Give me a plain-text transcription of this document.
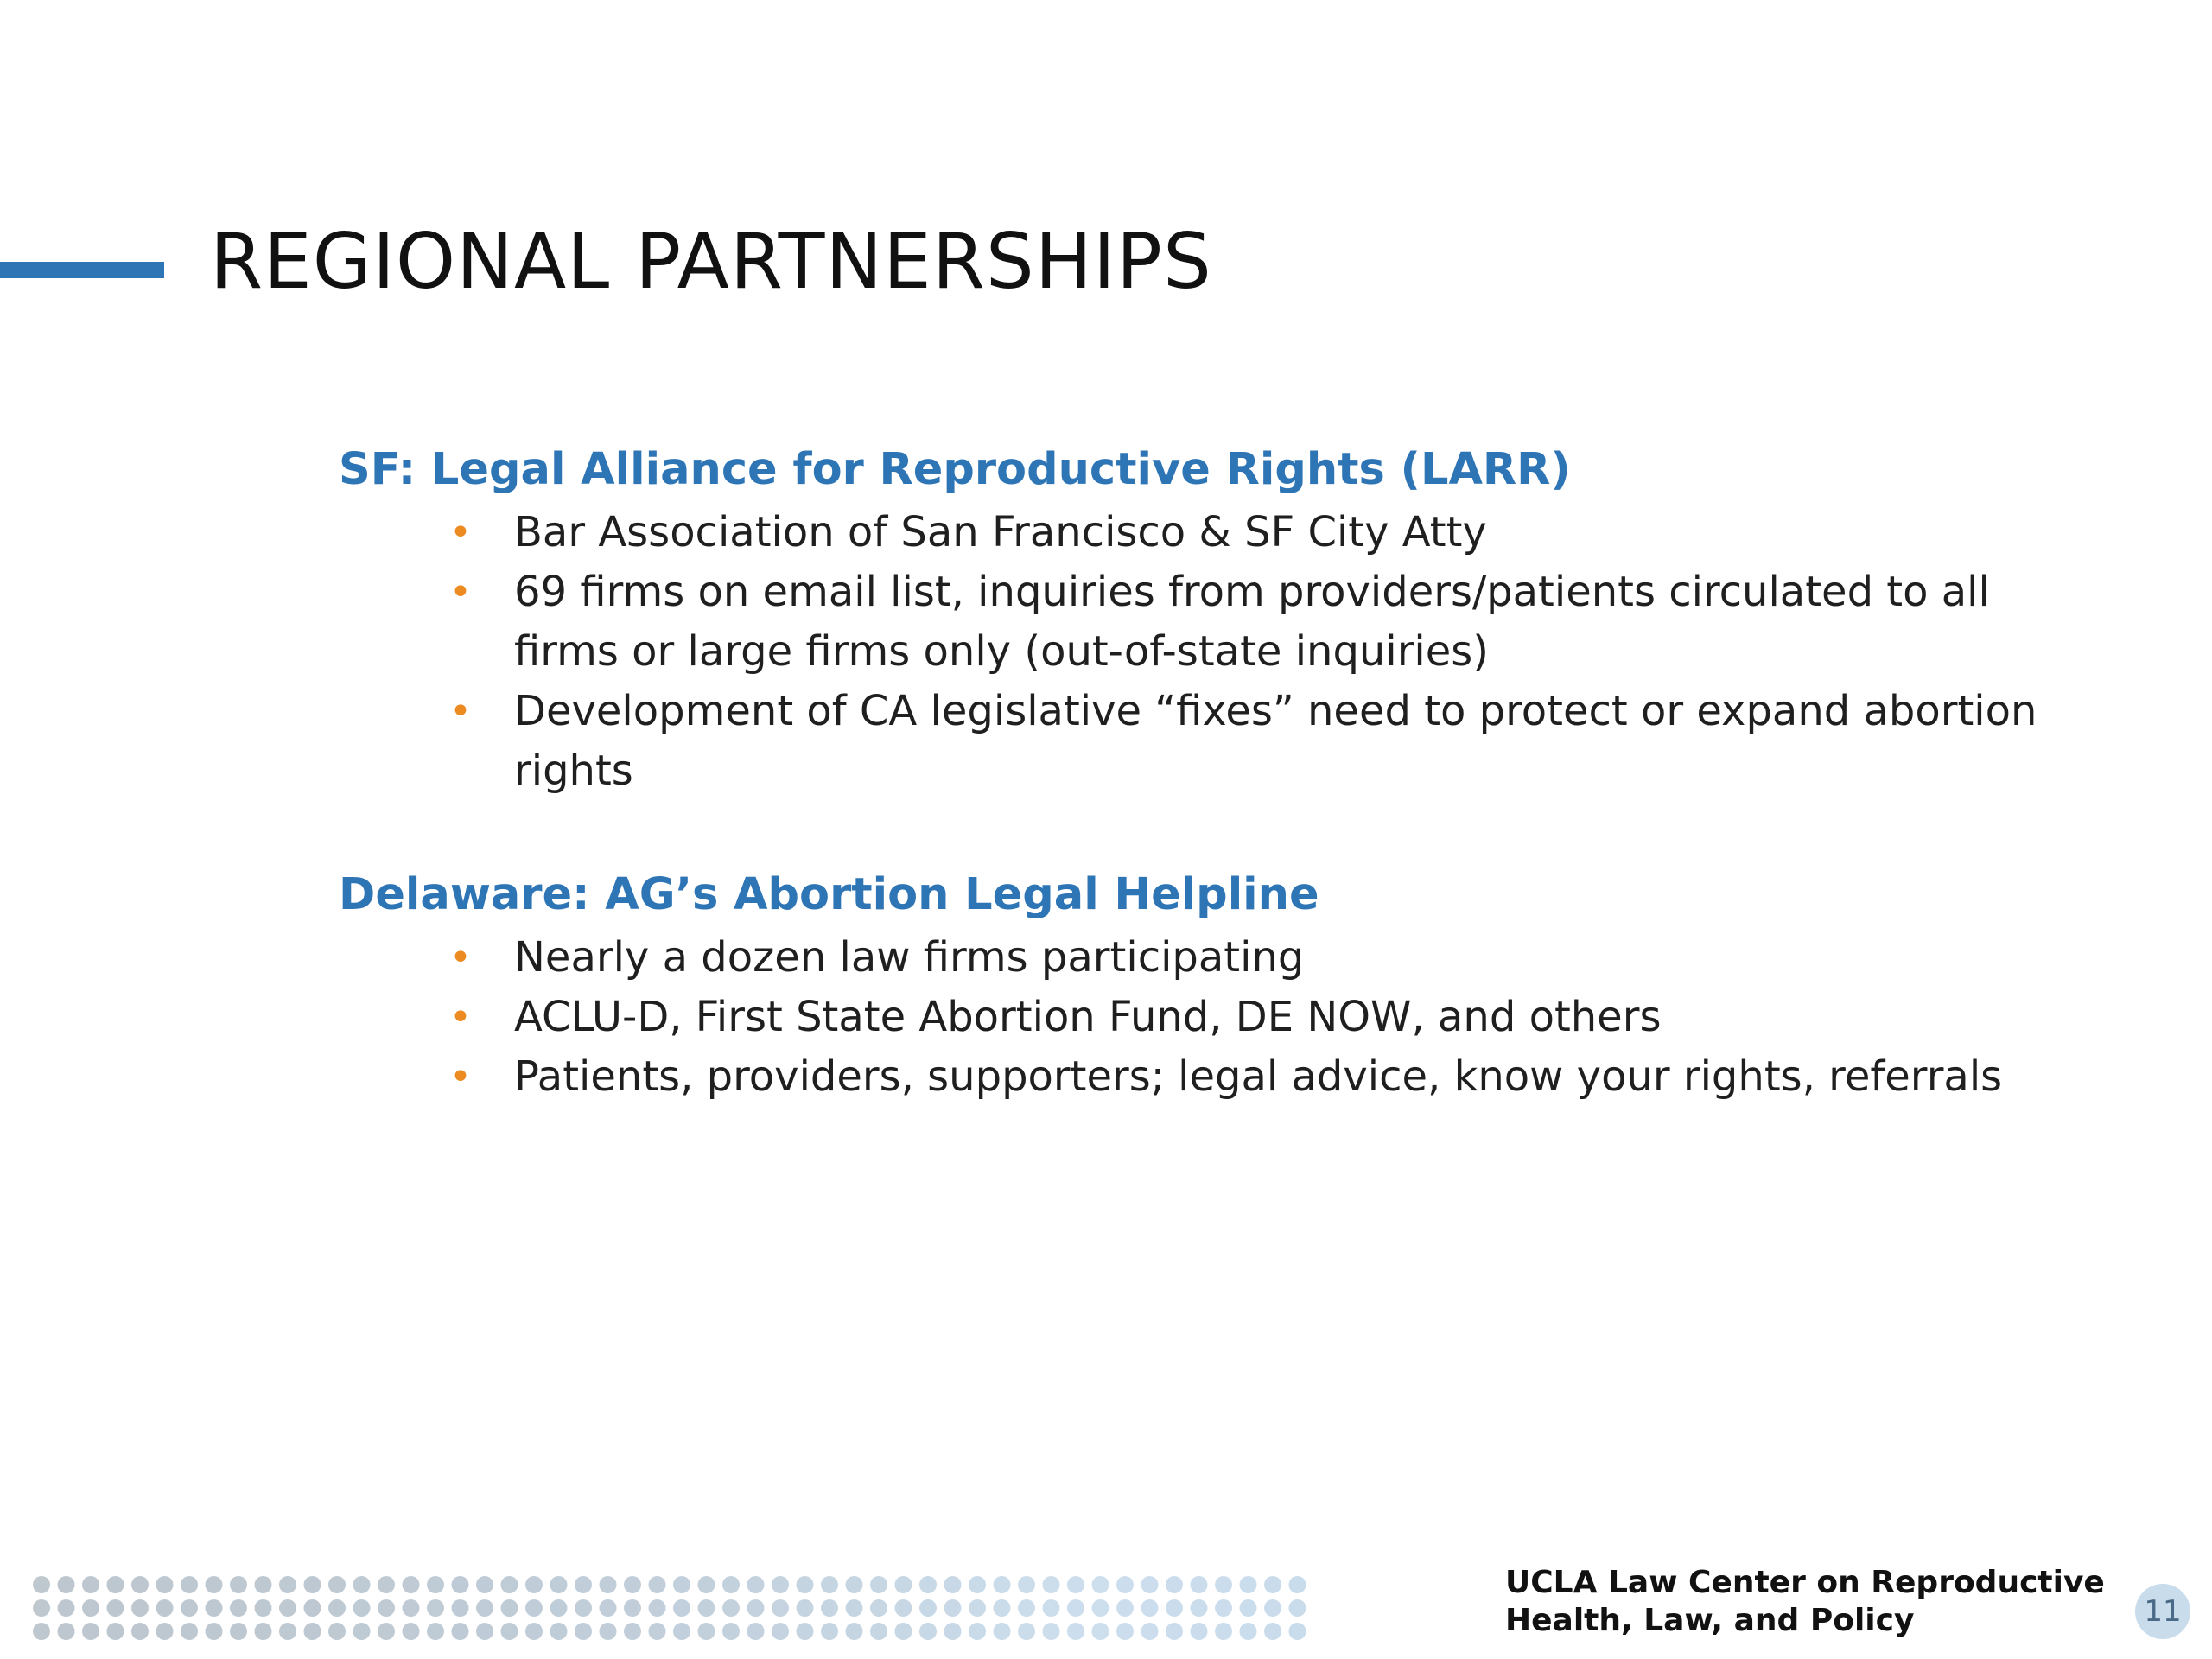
REGIONAL PARTNERSHIPS
SF: Legal Alliance for Reproductive Rights (LARR)
• Bar Association of San Francisco & SF City Atty
• 69 firms on email list, inquiries from providers/patients circulated to all firms or large firms only (out-of-state inquiries)
• Development of CA legislative “fixes” need to protect or expand abortion rights
Delaware: AG’s Abortion Legal Helpline
• Nearly a dozen law firms participating
• ACLU-D, First State Abortion Fund, DE NOW, and others
• Patients, providers, supporters; legal advice, know your rights, referrals
UCLA Law Center on Reproductive
Health, Law, and Policy	11
